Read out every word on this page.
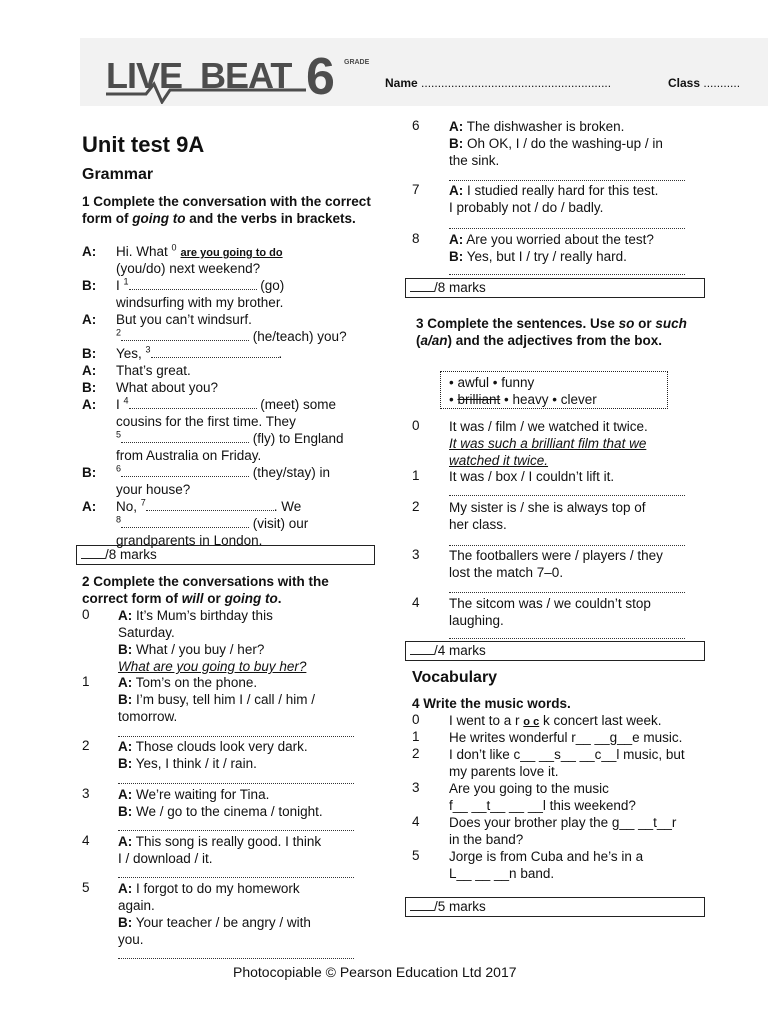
LIVE BEAT 6 GRADE
Name .........................................................	Class ...........
Unit test 9A
Grammar
1 Complete the conversation with the correct form of going to and the verbs in brackets.
/8 marks
2 Complete the conversations with the correct form of will or going to.
/8 marks
3 Complete the sentences. Use so or such (a/an) and the adjectives from the box.
• awful • funny
• brilliant • heavy • clever
/4 marks
Vocabulary
4 Write the music words.
/5 marks
Photocopiable © Pearson Education Ltd 2017
A: Hi. What $^0$ are you going to do
(you/do) next weekend?
B: I $^1$	(go)
windsurfing with my brother.
A: But you can’t windsurf.
$^2$	(he/teach) you?
B: Yes, $^3$	.
A: That’s great.
B: What about you?
A: I $^4$	(meet) some
cousins for the first time. They
$^5$	(fly) to England
from Australia on Friday.
B: $^6$	(they/stay) in
your house?
A: No, $^7$	. We
$^8$	(visit) our
grandparents in London.
0 A: It’s Mum’s birthday this
Saturday.
B: What / you buy / her?
What are you going to buy her?
1 A: Tom’s on the phone.
B: I’m busy, tell him I / call / him /
tomorrow.
2 A: Those clouds look very dark.
B: Yes, I think / it / rain.
3 A: We’re waiting for Tina.
B: We / go to the cinema / tonight.
4 A: This song is really good. I think
I / download / it.
5 A: I forgot to do my homework
again.
B: Your teacher / be angry / with
you.
6 A: The dishwasher is broken.
B: Oh OK, I / do the washing-up / in
the sink.
7 A: I studied really hard for this test.
I probably not / do / badly.
8 A: Are you worried about the test?
B: Yes, but I / try / really hard.
0 It was / film / we watched it twice.
It was such a brilliant film that we
watched it twice.
1 It was / box / I couldn’t lift it.
2 My sister is / she is always top of
her class.
3 The footballers were / players / they
lost the match 7–0.
4 The sitcom was / we couldn’t stop
laughing.
0 I went to a r o c k concert last week.
1 He writes wonderful r__ __g__e music.
2 I don’t like c__ __s__ __c__l music, but
my parents love it.
3 Are you going to the music
f__ __t__ __ __l this weekend?
4 Does your brother play the g__ __t__r
in the band?
5 Jorge is from Cuba and he’s in a
L__ __ __n band.
